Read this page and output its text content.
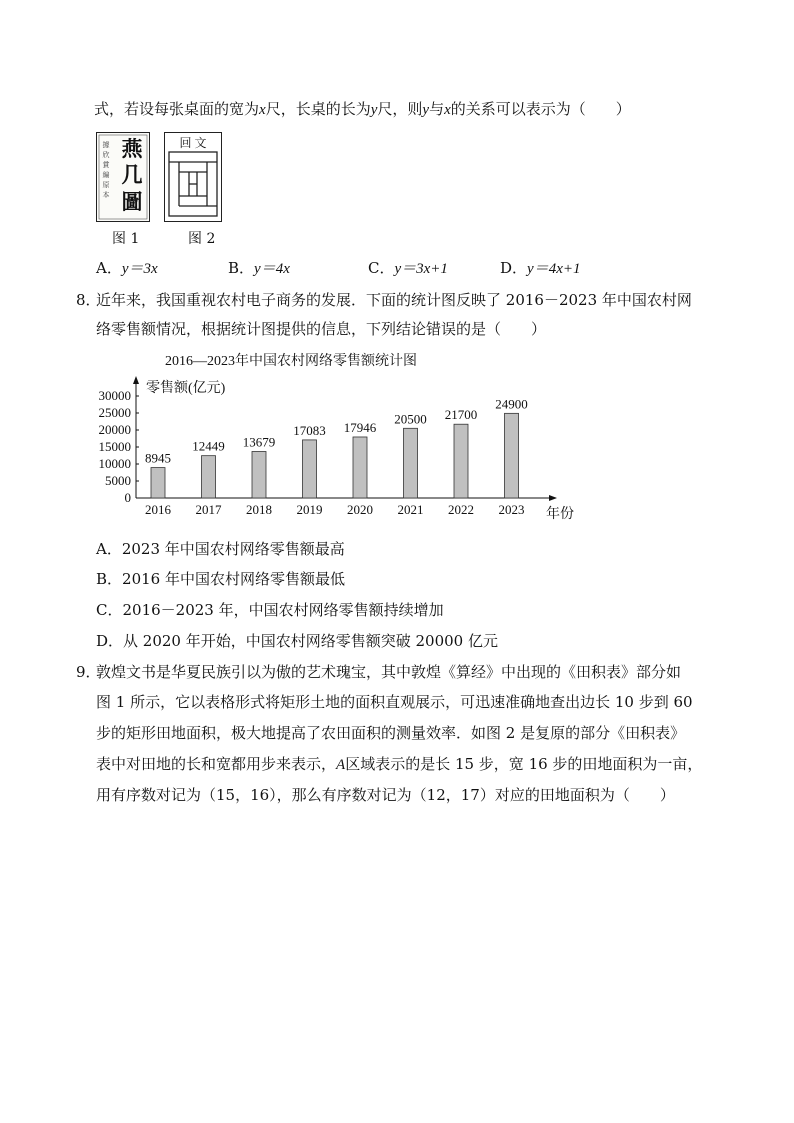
式，若设每张桌面的宽为x尺，长桌的长为y尺，则y与x的关系可以表示为（　　）
燕
几
圖
據
欣
賞
編
原
本
图 1
回 文
图 2
A．y＝3x	B．y＝4x	C．y＝3x+1	D．y＝4x+1
8．
近年来，我国重视农村电子商务的发展．下面的统计图反映了 2016－2023 年中国农村网
络零售额情况，根据统计图提供的信息，下列结论错误的是（　　）
2016—2023年中国农村网络零售额统计图
零售额(亿元)
年份
0
5000
10000
15000
20000
25000
30000
8945
12449 13679
17083 17946
20500 21700
24900
2016 2017 2018 2019 2020 2021 2022 2023
A．2023 年中国农村网络零售额最高
B．2016 年中国农村网络零售额最低
C．2016－2023 年，中国农村网络零售额持续增加
D．从 2020 年开始，中国农村网络零售额突破 20000 亿元
9．
敦煌文书是华夏民族引以为傲的艺术瑰宝，其中敦煌《算经》中出现的《田积表》部分如
图 1 所示，它以表格形式将矩形土地的面积直观展示，可迅速准确地查出边长 10 步到 60
步的矩形田地面积，极大地提高了农田面积的测量效率．如图 2 是复原的部分《田积表》
表中对田地的长和宽都用步来表示，A区域表示的是长 15 步，宽 16 步的田地面积为一亩，
用有序数对记为（15，16），那么有序数对记为（12，17）对应的田地面积为（　　）
